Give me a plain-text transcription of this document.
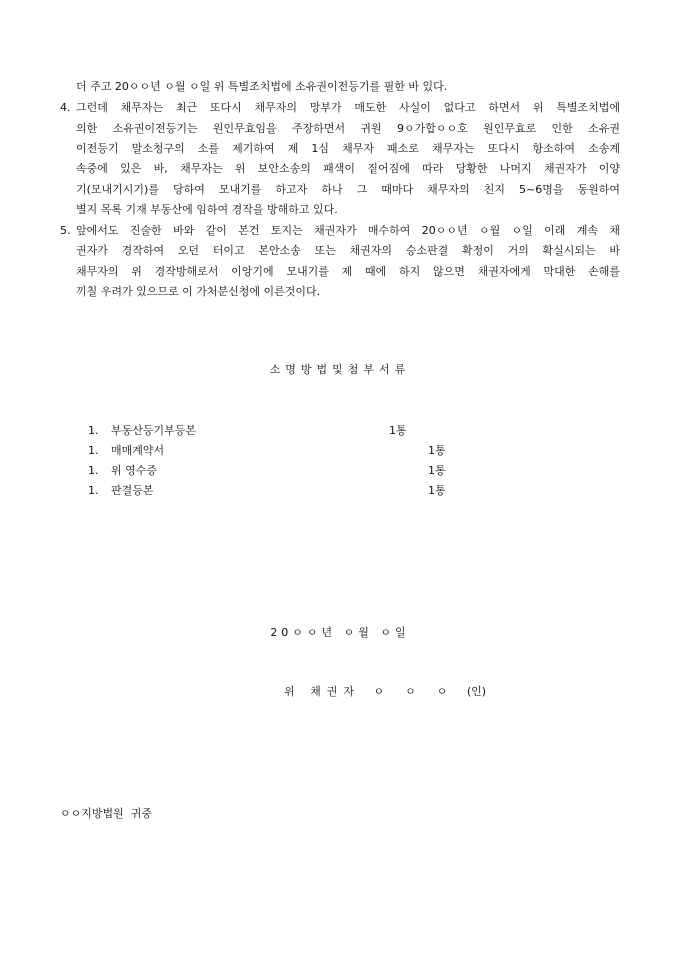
더 주고 20ㅇㅇ년 ㅇ월 ㅇ일 위 특별조치법에 소유권이전등기를 필한 바 있다.
4. 그런데 채무자는 최근 또다시 채무자의 망부가 매도한 사실이 없다고 하면서 위 특별조치법에
의한 소유권이전등기는 원인무효임을 주장하면서 귀원 9ㅇ가합ㅇㅇ호 원인무효로 인한 소유권
이전등기 말소청구의 소를 제기하여 제 1심 채무자 패소로 채무자는 또다시 항소하여 소송계
속중에 있은 바, 채무자는 위 보안소송의 패색이 짙어짐에 따라 당황한 나머지 채권자가 이양
기(모내기시기)를 당하여 모내기를 하고자 하나 그 때마다 채무자의 친지 5~6명을 동원하여
별지 목록 기재 부동산에 임하여 경작을 방해하고 있다.
5. 앞에서도 진술한 바와 같이 본건 토지는 채권자가 매수하여 20ㅇㅇ년 ㅇ월 ㅇ일 이래 계속 채
권자가 경작하여 오던 터이고 본안소송 또는 채권자의 승소판결 확정이 거의 확실시되는 바
채무자의 위 경작방해로서 이앙기에 모내기를 제 때에 하지 않으면 채권자에게 막대한 손해를
끼칠 우려가 있으므로 이 가처분신청에 이른것이다.
소명방법및첨부서류
1. 부동산등기부등본	1통
1. 매매계약서	1통
1. 위 영수증	1통
1. 판결등본	1통
20ㅇㅇ년 ㅇ월 ㅇ일
위 채권자 ㅇ      ㅇ      ㅇ (인)
ㅇㅇ지방법원  귀중
